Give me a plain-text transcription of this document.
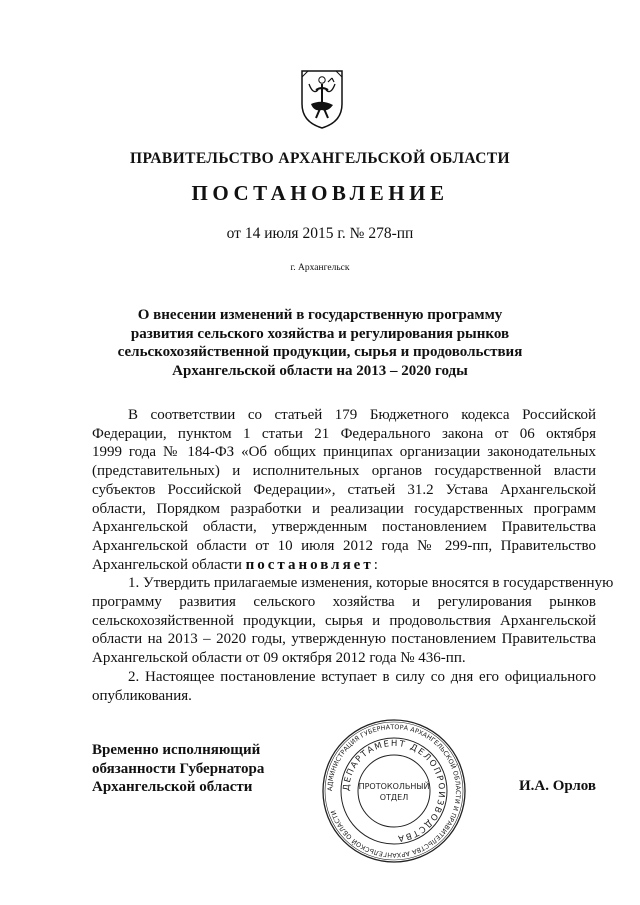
ПРАВИТЕЛЬСТВО АРХАНГЕЛЬСКОЙ ОБЛАСТИ
ПОСТАНОВЛЕНИЕ
от 14 июля 2015 г. № 278-пп
г. Архангельск
О внесении изменений в государственную программу
развития сельского хозяйства и регулирования рынков
сельскохозяйственной продукции, сырья и продовольствия
Архангельской области на 2013 – 2020 годы
В соответствии со статьей 179 Бюджетного кодекса Российской
Федерации, пунктом 1 статьи 21 Федерального закона от 06 октября
1999 года № 184-ФЗ «Об общих принципах организации законодательных
(представительных) и исполнительных органов государственной власти
субъектов Российской Федерации», статьей 31.2 Устава Архангельской
области, Порядком разработки и реализации государственных программ
Архангельской области, утвержденным постановлением Правительства
Архангельской области от 10 июля 2012 года № 299-пп, Правительство
Архангельской области постановляет:
1. Утвердить прилагаемые изменения, которые вносятся в государственную
программу развития сельского хозяйства и регулирования рынков
сельскохозяйственной продукции, сырья и продовольствия Архангельской
области на 2013 – 2020 годы, утвержденную постановлением Правительства
Архангельской области от 09 октября 2012 года № 436-пп.
2. Настоящее постановление вступает в силу со дня его официального
опубликования.
Временно исполняющий
обязанности Губернатора
Архангельской области	И.А. Орлов
АДМИНИСТРАЦИЯ ГУБЕРНАТОРА АРХАНГЕЛЬСКОЙ ОБЛАСТИ И ПРАВИТЕЛЬСТВА АРХАНГЕЛЬСКОЙ ОБЛАСТИ
ДЕПАРТАМЕНТ ДЕЛОПРОИЗВОДСТВА
ПРОТОКОЛЬНЫЙ
ОТДЕЛ
